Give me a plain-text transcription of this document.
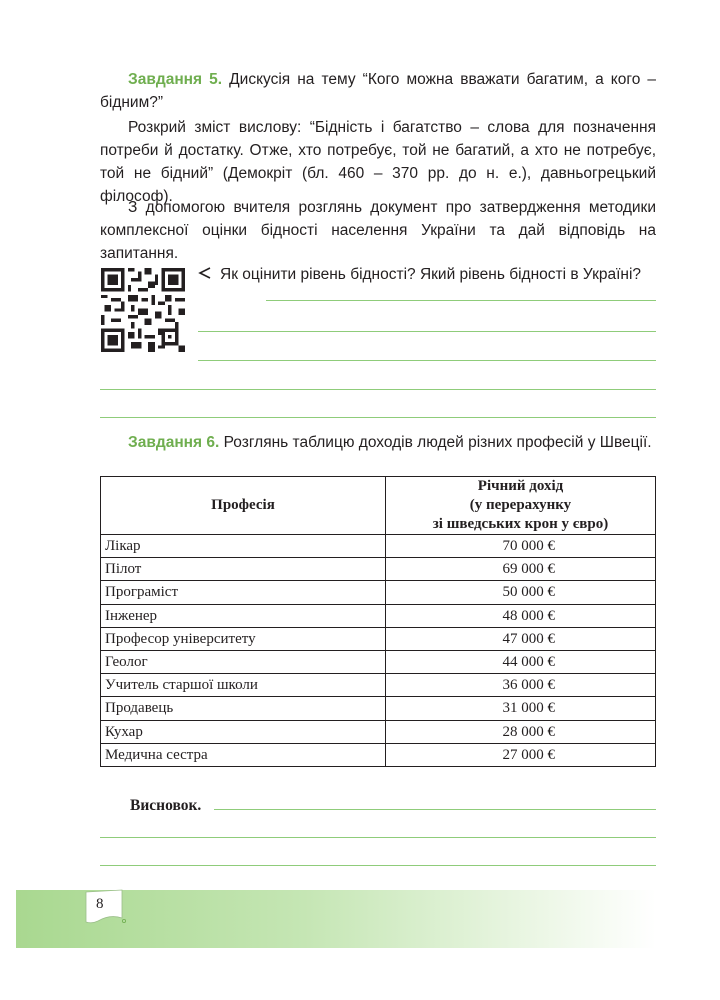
Завдання 5. Дискусія на тему “Кого можна вважати багатим, а кого – бідним?”

Розкрий зміст вислову: “Бідність і багатство – слова для позначення потреби й достатку. Отже, хто потребує, той не багатий, а хто не потребує, той не бідний” (Демокріт (бл. 460 – 370 рр. до н. е.), давньогрецький філософ).

З допомогою вчителя розглянь документ про затвердження методики комплексної оцінки бідності населення України та дай відповідь на запитання.

Як оцінити рівень бідності? Який рівень бідності в Україні?

Завдання 6. Розглянь таблицю доходів людей різних професій у Швеції.

Професія	Річний дохід
(у перерахунку
зі шведських крон у євро)
Лікар	70 000 €
Пілот	69 000 €
Програміст	50 000 €
Інженер	48 000 €
Професор університету	47 000 €
Геолог	44 000 €
Учитель старшої школи	36 000 €
Продавець	31 000 €
Кухар	28 000 €
Медична сестра	27 000 €
Висновок.
8
